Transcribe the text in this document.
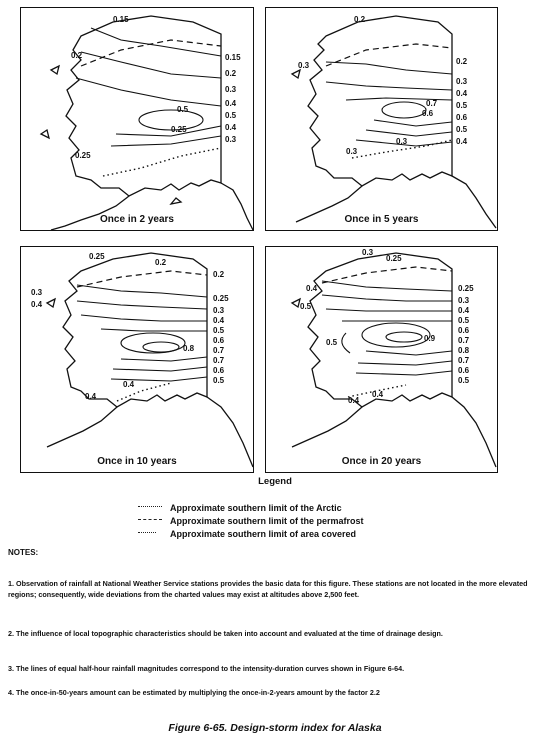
0.15
0.2	0.15
0.2
0.3
0.5
0.4
0.5
0.4
0.3
0.25
0.25
Once in 2 years
0.2
0.3	0.2
0.3
0.4
0.7
0.6
0.5
0.6
0.5
0.4
0.3
0.3
Once in 5 years
0.25
0.2
0.2
0.3
0.4
0.25
0.3
0.4
0.5
0.6
0.7
0.8
0.7
0.6
0.5
0.4
0.4
Once in 10 years
0.3
0.25
0.4	0.25
0.3
0.5	0.4
0.5
0.6
0.7
0.5	0.9
0.8
0.7
0.6
0.5
0.4
0.4
Once in 20 years
Legend
Approximate southern limit of the Arctic
Approximate southern limit of the permafrost
Approximate southern limit of area covered
NOTES:
1. Observation of rainfall at National Weather Service stations provides the basic data for this figure. These stations are not located in the more elevated regions; consequently, wide deviations from the charted values may exist at altitudes above 2,500 feet.
2. The influence of local topographic characteristics should be taken into account and evaluated at the time of drainage design.
3. The lines of equal half-hour rainfall magnitudes correspond to the intensity-duration curves shown in Figure 6-64.
4. The once-in-50-years amount can be estimated by multiplying the once-in-2-years amount by the factor 2.2
Figure 6-65. Design-storm index for Alaska
